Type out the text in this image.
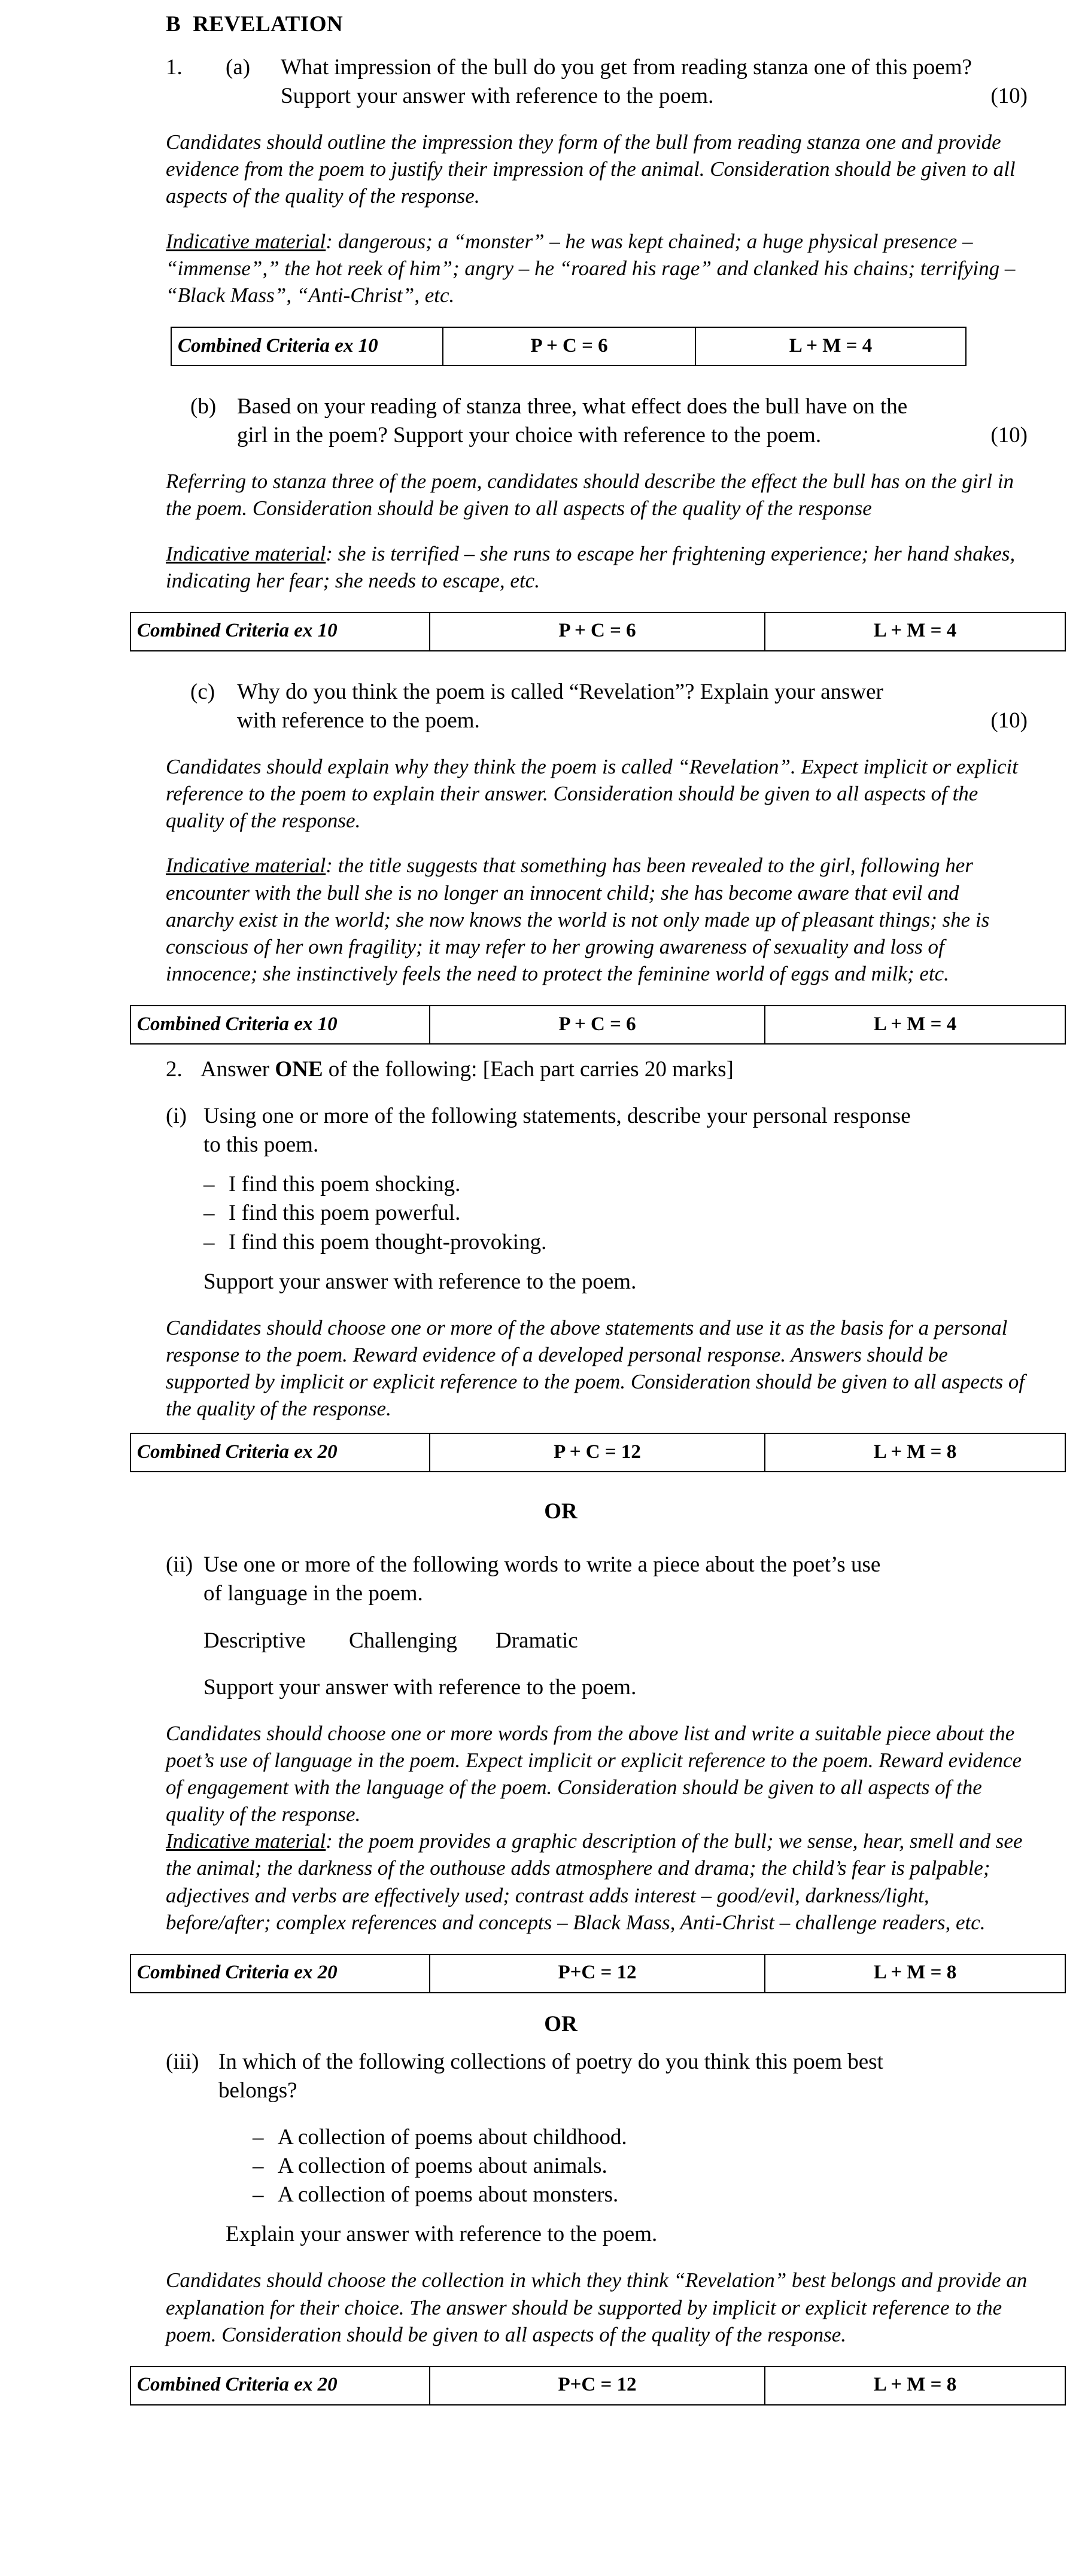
B REVELATION
1.	(a)	What impression of the bull do you get from reading stanza one of this poem?

(10)
Support your answer with reference to the poem.
Candidates should outline the impression they form of the bull from reading stanza one and provide evidence from the poem to justify their impression of the animal. Consideration should be given to all aspects of the quality of the response.
Indicative material: dangerous; a “monster” – he was kept chained; a huge physical presence – “immense”,” the hot reek of him”; angry – he “roared his rage” and clanked his chains; terrifying – “Black Mass”, “Anti-Christ”, etc.
Combined Criteria ex 10	P + C = 6	L + M = 4
(b) Based on your reading of stanza three, what effect does the bull have on the

(10)
girl in the poem? Support your choice with reference to the poem.
Referring to stanza three of the poem, candidates should describe the effect the bull has on the girl in the poem. Consideration should be given to all aspects of the quality of the response
Indicative material: she is terrified – she runs to escape her frightening experience; her hand shakes, indicating her fear; she needs to escape, etc.
Combined Criteria ex 10	P + C = 6	L + M = 4
(c) Why do you think the poem is called “Revelation”? Explain your answer

(10)
with reference to the poem.
Candidates should explain why they think the poem is called “Revelation”. Expect implicit or explicit reference to the poem to explain their answer. Consideration should be given to all aspects of the quality of the response.
Indicative material: the title suggests that something has been revealed to the girl, following her encounter with the bull she is no longer an innocent child; she has become aware that evil and anarchy exist in the world; she now knows the world is not only made up of pleasant things; she is conscious of her own fragility; it may refer to her growing awareness of sexuality and loss of innocence; she instinctively feels the need to protect the feminine world of eggs and milk; etc.
Combined Criteria ex 10	P + C = 6	L + M = 4
2. Answer ONE of the following: [Each part carries 20 marks]
(i) Using one or more of the following statements, describe your personal response
to this poem.
– I find this poem shocking.
– I find this poem powerful.
– I find this poem thought-provoking.
Support your answer with reference to the poem.
Candidates should choose one or more of the above statements and use it as the basis for a personal response to the poem. Reward evidence of a developed personal response. Answers should be supported by implicit or explicit reference to the poem. Consideration should be given to all aspects of the quality of the response.
Combined Criteria ex 20	P + C = 12	L + M = 8
OR
(ii) Use one or more of the following words to write a piece about the poet’s use
of language in the poem.
Descriptive	Challenging	Dramatic
Support your answer with reference to the poem.
Candidates should choose one or more words from the above list and write a suitable piece about the poet’s use of language in the poem. Expect implicit or explicit reference to the poem. Reward evidence of engagement with the language of the poem. Consideration should be given to all aspects of the quality of the response.
Indicative material: the poem provides a graphic description of the bull; we sense, hear, smell and see the animal; the darkness of the outhouse adds atmosphere and drama; the child’s fear is palpable; adjectives and verbs are effectively used; contrast adds interest – good/evil, darkness/light, before/after; complex references and concepts – Black Mass, Anti-Christ – challenge readers, etc.
Combined Criteria ex 20	P+C = 12	L + M = 8
OR
(iii) In which of the following collections of poetry do you think this poem best
belongs?
– A collection of poems about childhood.
– A collection of poems about animals.
– A collection of poems about monsters.
Explain your answer with reference to the poem.
Candidates should choose the collection in which they think “Revelation” best belongs and provide an explanation for their choice. The answer should be supported by implicit or explicit reference to the poem. Consideration should be given to all aspects of the quality of the response.
Combined Criteria ex 20	P+C = 12	L + M = 8
